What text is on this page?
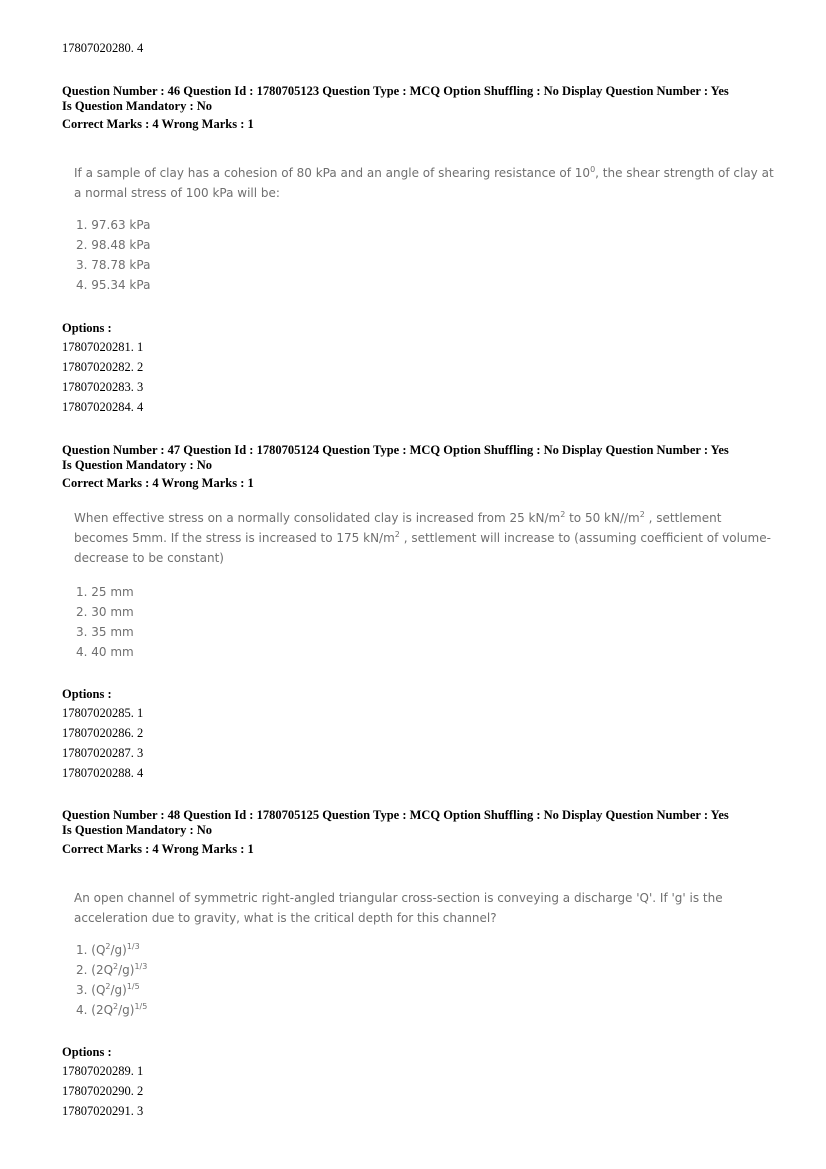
17807020280. 4
Question Number : 46 Question Id : 1780705123 Question Type : MCQ Option Shuffling : No Display Question Number : Yes
Is Question Mandatory : No
Correct Marks : 4 Wrong Marks : 1
If a sample of clay has a cohesion of 80 kPa and an angle of shearing resistance of $10^0$, the shear strength of clay at a normal stress of 100 kPa will be:
1. 97.63 kPa
2. 98.48 kPa
3. 78.78 kPa
4. 95.34 kPa
Options :
17807020281. 1
17807020282. 2
17807020283. 3
17807020284. 4
Question Number : 47 Question Id : 1780705124 Question Type : MCQ Option Shuffling : No Display Question Number : Yes
Is Question Mandatory : No
Correct Marks : 4 Wrong Marks : 1
When effective stress on a normally consolidated clay is increased from 25 $kN/m^2$ to 50 $kN//m^2$ , settlement becomes 5mm. If the stress is increased to 175 $kN/m^2$ , settlement will increase to (assuming coefficient of volume-decrease to be constant)
1. 25 mm
2. 30 mm
3. 35 mm
4. 40 mm
Options :
17807020285. 1
17807020286. 2
17807020287. 3
17807020288. 4
Question Number : 48 Question Id : 1780705125 Question Type : MCQ Option Shuffling : No Display Question Number : Yes
Is Question Mandatory : No
Correct Marks : 4 Wrong Marks : 1
An open channel of symmetric right-angled triangular cross-section is conveying a discharge 'Q'. If 'g' is the acceleration due to gravity, what is the critical depth for this channel?
1. $(Q^2/g)^{1/3}$
2. $(2Q^2/g)^{1/3}$
3. $(Q^2/g)^{1/5}$
4. $(2Q^2/g)^{1/5}$
Options :
17807020289. 1
17807020290. 2
17807020291. 3
